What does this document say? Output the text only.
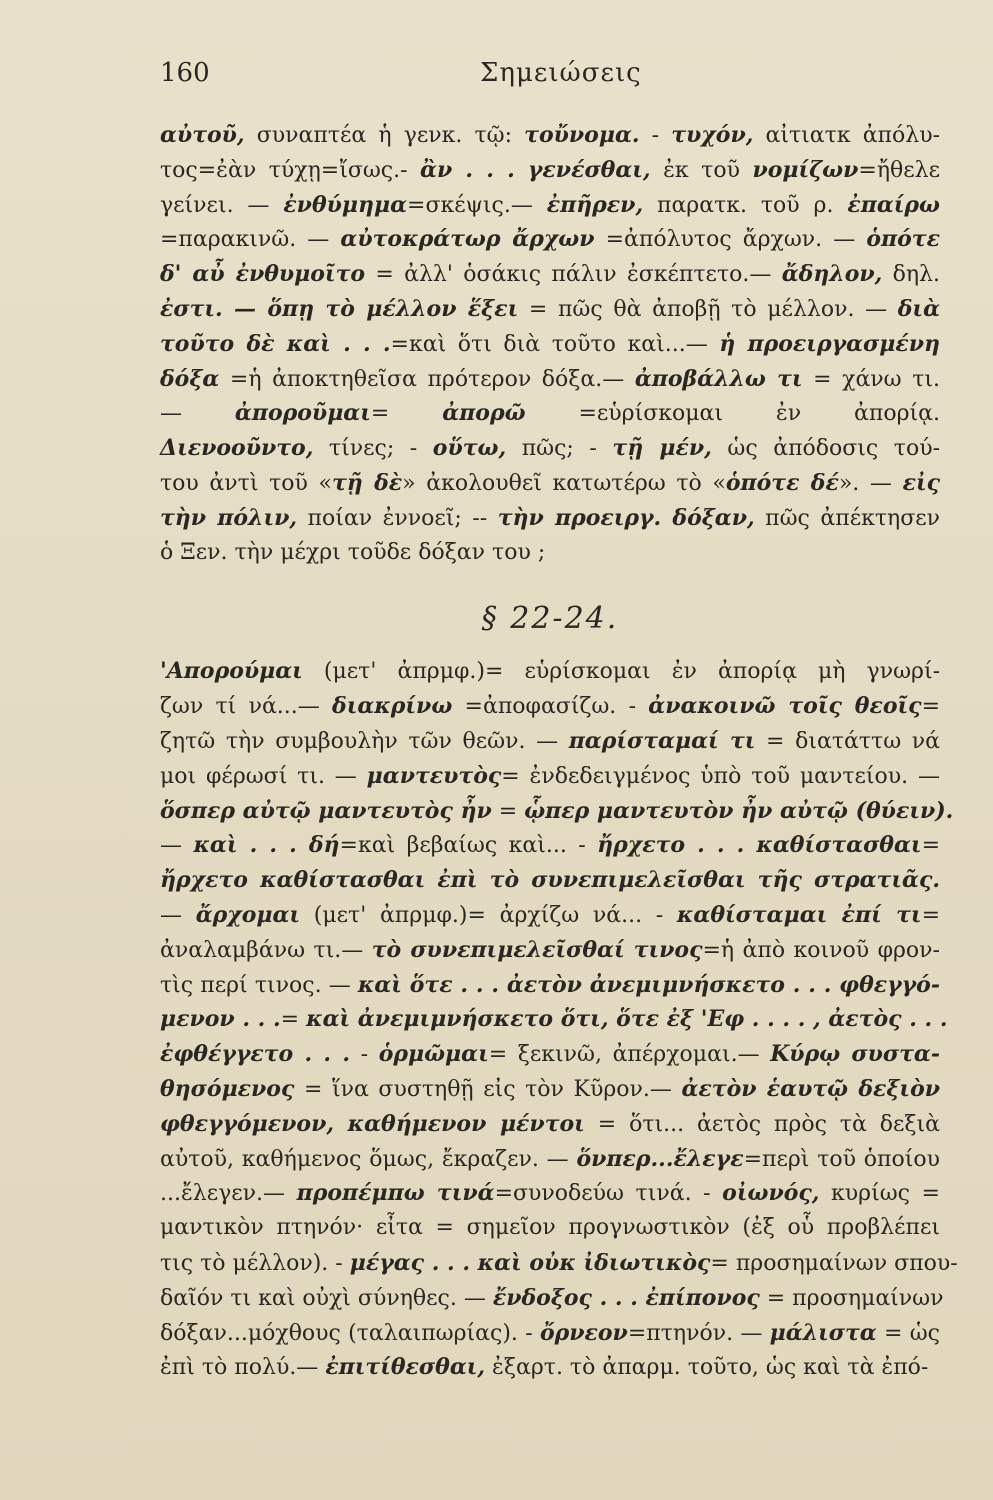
160	Σημειώσεις
αὐτοῦ, συναπτέα ἡ γενκ. τῷ: τοὔνομα. - τυχόν, αἰτιατκ ἀπόλυ-
τος=ἐὰν τύχῃ=ἴσως.- ἂν . . . γενέσθαι, ἐκ τοῦ νομίζων=ἤθελε
γείνει. — ἐνθύμημα=σκέψις.— ἐπῆρεν, παρατκ. τοῦ ρ. ἐπαίρω
=παρακινῶ. — αὐτοκράτωρ ἄρχων =ἀπόλυτος ἄρχων. — ὁπότε
δ' αὖ ἐνθυμοῖτο = ἀλλ' ὁσάκις πάλιν ἐσκέπτετο.— ἄδηλον, δηλ.
ἐστι. — ὅπῃ τὸ μέλλον ἕξει = πῶς θὰ ἀποβῇ τὸ μέλλον. — διὰ
τοῦτο δὲ καὶ . . .=καὶ ὅτι διὰ τοῦτο καὶ...— ἡ προειργασμένη
δόξα =ἡ ἀποκτηθεῖσα πρότερον δόξα.— ἀποβάλλω τι = χάνω τι.
— ἀποροῦμαι= ἀπορῶ =εὑρίσκομαι ἐν ἀπορίᾳ.
Διενοοῦντο, τίνες; - οὕτω, πῶς; - τῇ μέν, ὡς ἀπόδοσις τού-
του ἀντὶ τοῦ «τῇ δὲ» ἀκολουθεῖ κατωτέρω τὸ «ὁπότε δέ». — εἰς
τὴν πόλιν, ποίαν ἐννοεῖ; -- τὴν προειργ. δόξαν, πῶς ἀπέκτησεν
ὁ Ξεν. τὴν μέχρι τοῦδε δόξαν του ;
§ 22-24.
'Απορούμαι (μετ' ἀπρμφ.)= εὑρίσκομαι ἐν ἀπορίᾳ μὴ γνωρί-
ζων τί νά...— διακρίνω =ἀποφασίζω. - ἀνακοινῶ τοῖς θεοῖς=
ζητῶ τὴν συμβουλὴν τῶν θεῶν. — παρίσταμαί τι = διατάττω νά
μοι φέρωσί τι. — μαντευτὸς= ἐνδεδειγμένος ὑπὸ τοῦ μαντείου. —
ὅσπερ αὐτῷ μαντευτὸς ἦν = ᾧπερ μαντευτὸν ἦν αὐτῷ (θύειν).
— καὶ . . . δή=καὶ βεβαίως καὶ... - ἤρχετο . . . καθίστασθαι=
ἤρχετο καθίστασθαι ἐπὶ τὸ συνεπιμελεῖσθαι τῆς στρατιᾶς.
— ἄρχομαι (μετ' ἀπρμφ.)= ἀρχίζω νά... - καθίσταμαι ἐπί τι=
ἀναλαμβάνω τι.— τὸ συνεπιμελεῖσθαί τινος=ἡ ἀπὸ κοινοῦ φρον-
τὶς περί τινος. — καὶ ὅτε . . . ἀετὸν ἀνεμιμνήσκετο . . . φθεγγό-
μενον . . .= καὶ ἀνεμιμνήσκετο ὅτι, ὅτε ἐξ 'Εφ . . . . , ἀετὸς . . .
ἐφθέγγετο . . . - ὁρμῶμαι= ξεκινῶ, ἀπέρχομαι.— Κύρῳ συστα-
θησόμενος = ἵνα συστηθῇ εἰς τὸν Κῦρον.— ἀετὸν ἑαυτῷ δεξιὸν
φθεγγόμενον, καθήμενον μέντοι = ὅτι... ἀετὸς πρὸς τὰ δεξιὰ
αὐτοῦ, καθήμενος ὅμως, ἔκραζεν. — ὅνπερ...ἔλεγε=περὶ τοῦ ὁποίου
...ἔλεγεν.— προπέμπω τινά=συνοδεύω τινά. - οἰωνός, κυρίως =
μαντικὸν πτηνόν· εἶτα = σημεῖον προγνωστικὸν (ἐξ οὗ προβλέπει
τις τὸ μέλλον). - μέγας . . . καὶ οὐκ ἰδιωτικὸς= προσημαίνων σπου-
δαῖόν τι καὶ οὐχὶ σύνηθες. — ἔνδοξος . . . ἐπίπονος = προσημαίνων
δόξαν...μόχθους (ταλαιπωρίας). - ὄρνεον=πτηνόν. — μάλιστα = ὡς
ἐπὶ τὸ πολύ.— ἐπιτίθεσθαι, ἐξαρτ. τὸ ἀπαρμ. τοῦτο, ὡς καὶ τὰ ἐπό-
